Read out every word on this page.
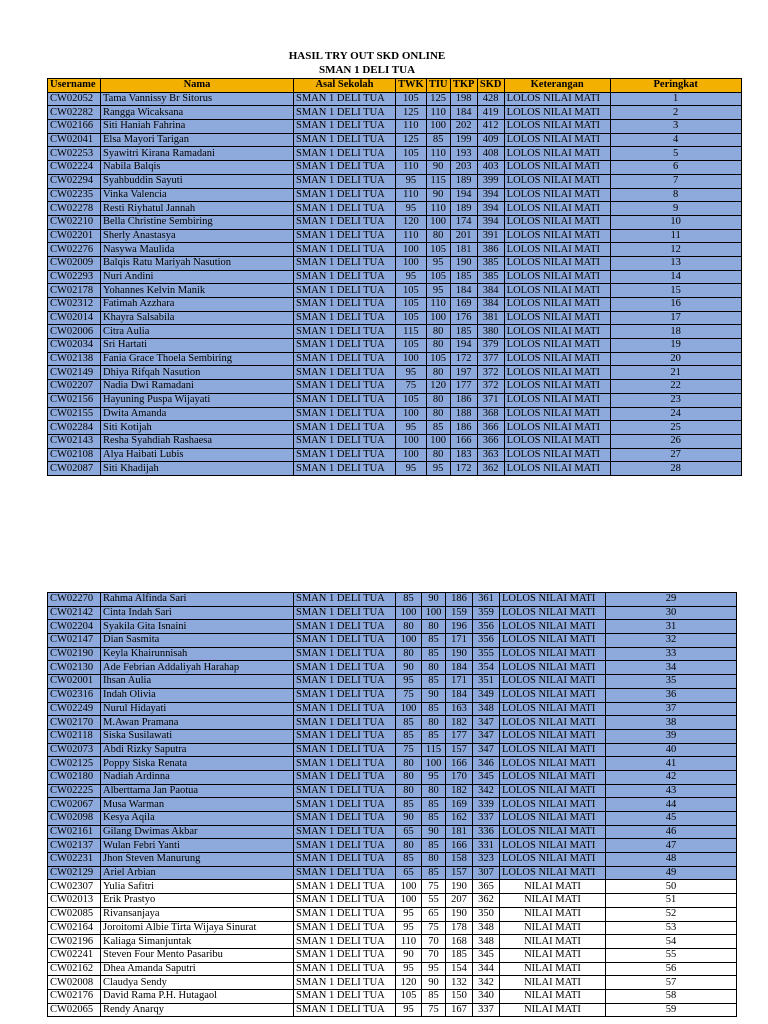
HASIL TRY OUT SKD ONLINE
SMAN 1 DELI TUA
Username	Nama	Asal Sekolah	TWK	TIU	TKP	SKD	Keterangan	Peringkat
CW02052	Tama Vannissy Br Sitorus	SMAN 1 DELI TUA	105	125	198	428	LOLOS NILAI MATI	1
CW02282	Rangga Wicaksana	SMAN 1 DELI TUA	125	110	184	419	LOLOS NILAI MATI	2
CW02166	Siti Haniah Fahrina	SMAN 1 DELI TUA	110	100	202	412	LOLOS NILAI MATI	3
CW02041	Elsa Mayori Tarigan	SMAN 1 DELI TUA	125	85	199	409	LOLOS NILAI MATI	4
CW02253	Syawitri Kirana Ramadani	SMAN 1 DELI TUA	105	110	193	408	LOLOS NILAI MATI	5
CW02224	Nabila Balqis	SMAN 1 DELI TUA	110	90	203	403	LOLOS NILAI MATI	6
CW02294	Syahbuddin Sayuti	SMAN 1 DELI TUA	95	115	189	399	LOLOS NILAI MATI	7
CW02235	Vinka Valencia	SMAN 1 DELI TUA	110	90	194	394	LOLOS NILAI MATI	8
CW02278	Resti Riyhatul Jannah	SMAN 1 DELI TUA	95	110	189	394	LOLOS NILAI MATI	9
CW02210	Bella Christine Sembiring	SMAN 1 DELI TUA	120	100	174	394	LOLOS NILAI MATI	10
CW02201	Sherly Anastasya	SMAN 1 DELI TUA	110	80	201	391	LOLOS NILAI MATI	11
CW02276	Nasywa Maulida	SMAN 1 DELI TUA	100	105	181	386	LOLOS NILAI MATI	12
CW02009	Balqis Ratu Mariyah Nasution	SMAN 1 DELI TUA	100	95	190	385	LOLOS NILAI MATI	13
CW02293	Nuri Andini	SMAN 1 DELI TUA	95	105	185	385	LOLOS NILAI MATI	14
CW02178	Yohannes Kelvin Manik	SMAN 1 DELI TUA	105	95	184	384	LOLOS NILAI MATI	15
CW02312	Fatimah Azzhara	SMAN 1 DELI TUA	105	110	169	384	LOLOS NILAI MATI	16
CW02014	Khayra Salsabila	SMAN 1 DELI TUA	105	100	176	381	LOLOS NILAI MATI	17
CW02006	Citra Aulia	SMAN 1 DELI TUA	115	80	185	380	LOLOS NILAI MATI	18
CW02034	Sri Hartati	SMAN 1 DELI TUA	105	80	194	379	LOLOS NILAI MATI	19
CW02138	Fania Grace Thoela Sembiring	SMAN 1 DELI TUA	100	105	172	377	LOLOS NILAI MATI	20
CW02149	Dhiya Rifqah Nasution	SMAN 1 DELI TUA	95	80	197	372	LOLOS NILAI MATI	21
CW02207	Nadia Dwi Ramadani	SMAN 1 DELI TUA	75	120	177	372	LOLOS NILAI MATI	22
CW02156	Hayuning Puspa Wijayati	SMAN 1 DELI TUA	105	80	186	371	LOLOS NILAI MATI	23
CW02155	Dwita Amanda	SMAN 1 DELI TUA	100	80	188	368	LOLOS NILAI MATI	24
CW02284	Siti Kotijah	SMAN 1 DELI TUA	95	85	186	366	LOLOS NILAI MATI	25
CW02143	Resha Syahdiah Rashaesa	SMAN 1 DELI TUA	100	100	166	366	LOLOS NILAI MATI	26
CW02108	Alya Haibati Lubis	SMAN 1 DELI TUA	100	80	183	363	LOLOS NILAI MATI	27
CW02087	Siti Khadijah	SMAN 1 DELI TUA	95	95	172	362	LOLOS NILAI MATI	28
CW02270	Rahma Alfinda Sari	SMAN 1 DELI TUA	85	90	186	361	LOLOS NILAI MATI	29
CW02142	Cinta Indah Sari	SMAN 1 DELI TUA	100	100	159	359	LOLOS NILAI MATI	30
CW02204	Syakila Gita Isnaini	SMAN 1 DELI TUA	80	80	196	356	LOLOS NILAI MATI	31
CW02147	Dian Sasmita	SMAN 1 DELI TUA	100	85	171	356	LOLOS NILAI MATI	32
CW02190	Keyla Khairunnisah	SMAN 1 DELI TUA	80	85	190	355	LOLOS NILAI MATI	33
CW02130	Ade Febrian Addaliyah Harahap	SMAN 1 DELI TUA	90	80	184	354	LOLOS NILAI MATI	34
CW02001	Ihsan Aulia	SMAN 1 DELI TUA	95	85	171	351	LOLOS NILAI MATI	35
CW02316	Indah Olivia	SMAN 1 DELI TUA	75	90	184	349	LOLOS NILAI MATI	36
CW02249	Nurul Hidayati	SMAN 1 DELI TUA	100	85	163	348	LOLOS NILAI MATI	37
CW02170	M.Awan Pramana	SMAN 1 DELI TUA	85	80	182	347	LOLOS NILAI MATI	38
CW02118	Siska Susilawati	SMAN 1 DELI TUA	85	85	177	347	LOLOS NILAI MATI	39
CW02073	Abdi Rizky Saputra	SMAN 1 DELI TUA	75	115	157	347	LOLOS NILAI MATI	40
CW02125	Poppy Siska Renata	SMAN 1 DELI TUA	80	100	166	346	LOLOS NILAI MATI	41
CW02180	Nadiah Ardinna	SMAN 1 DELI TUA	80	95	170	345	LOLOS NILAI MATI	42
CW02225	Alberttama Jan Paotua	SMAN 1 DELI TUA	80	80	182	342	LOLOS NILAI MATI	43
CW02067	Musa Warman	SMAN 1 DELI TUA	85	85	169	339	LOLOS NILAI MATI	44
CW02098	Kesya Aqila	SMAN 1 DELI TUA	90	85	162	337	LOLOS NILAI MATI	45
CW02161	Gilang Dwimas Akbar	SMAN 1 DELI TUA	65	90	181	336	LOLOS NILAI MATI	46
CW02137	Wulan Febri Yanti	SMAN 1 DELI TUA	80	85	166	331	LOLOS NILAI MATI	47
CW02231	Jhon Steven Manurung	SMAN 1 DELI TUA	85	80	158	323	LOLOS NILAI MATI	48
CW02129	Ariel Arbian	SMAN 1 DELI TUA	65	85	157	307	LOLOS NILAI MATI	49
CW02307	Yulia Safitri	SMAN 1 DELI TUA	100	75	190	365	NILAI MATI	50
CW02013	Erik Prastyo	SMAN 1 DELI TUA	100	55	207	362	NILAI MATI	51
CW02085	Rivansanjaya	SMAN 1 DELI TUA	95	65	190	350	NILAI MATI	52
CW02164	Joroitomi Albie Tirta Wijaya Sinurat	SMAN 1 DELI TUA	95	75	178	348	NILAI MATI	53
CW02196	Kaliaga Simanjuntak	SMAN 1 DELI TUA	110	70	168	348	NILAI MATI	54
CW02241	Steven Four Mento Pasaribu	SMAN 1 DELI TUA	90	70	185	345	NILAI MATI	55
CW02162	Dhea Amanda Saputri	SMAN 1 DELI TUA	95	95	154	344	NILAI MATI	56
CW02008	Claudya Sendy	SMAN 1 DELI TUA	120	90	132	342	NILAI MATI	57
CW02176	David Rama P.H. Hutagaol	SMAN 1 DELI TUA	105	85	150	340	NILAI MATI	58
CW02065	Rendy Anarqy	SMAN 1 DELI TUA	95	75	167	337	NILAI MATI	59
